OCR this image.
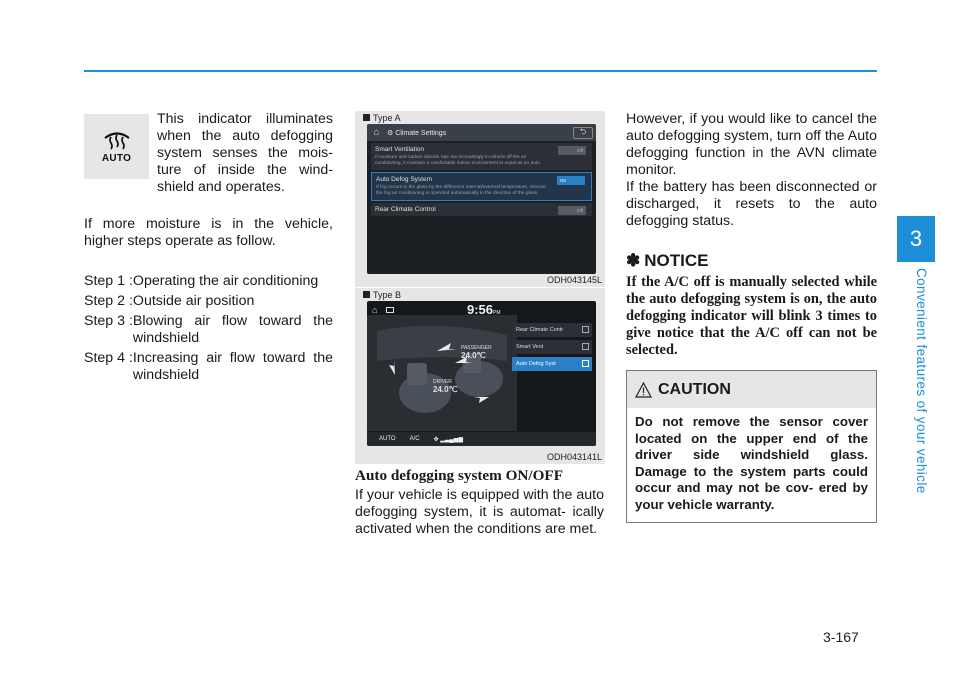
3
Convenient features of your vehicle
AUTO

This indicator illuminates when the auto defogging system senses the mois- ture of inside the wind- shield and operates.

If more moisture is in the vehicle, higher steps operate as follow.

Step 1 : Operating the air conditioning
Step 2 : Outside air position
Step 3 : Blowing air flow toward the windshield
Step 4 : Increasing air flow toward the windshield
Type A
⌂	⚙ Climate Settings	⮌
Smart Ventilation	Off
If moisture and carbon dioxide rate are increasingly in vehicle off the air conditioning, it maintain a comfortable indoor environment to expel as an auto.
Auto Defog System	On
If fog occurs in the glass by the difference internal/external temperature, remove the fog air conditioning is operated automatically in the direction of the glass.
Rear Climate Control	Off
ODH043145L
Type B
⌂	9:56PM
PASSENGER
24.0℃
DRIVER
24.0℃
Rear Climate Contr
Smart Vent
Auto Defog Syst
AUTO A/C ✤ ▂▃▄▅▆
ODH043141L
Auto defogging system ON/OFF

If your vehicle is equipped with the auto defogging system, it is automat- ically activated when the conditions are met.

However, if you would like to cancel the auto defogging system, turn off the Auto defogging function in the AVN climate monitor.

If the battery has been disconnected or discharged, it resets to the auto defogging status.

✽ NOTICE

If the A/C off is manually selected while the auto defogging system is on, the auto defogging indicator will blink 3 times to give notice that the A/C off can not be selected.

CAUTION

Do not remove the sensor cover located on the upper end of the driver side windshield glass. Damage to the system parts could occur and may not be cov- ered by your vehicle warranty.

3-167
